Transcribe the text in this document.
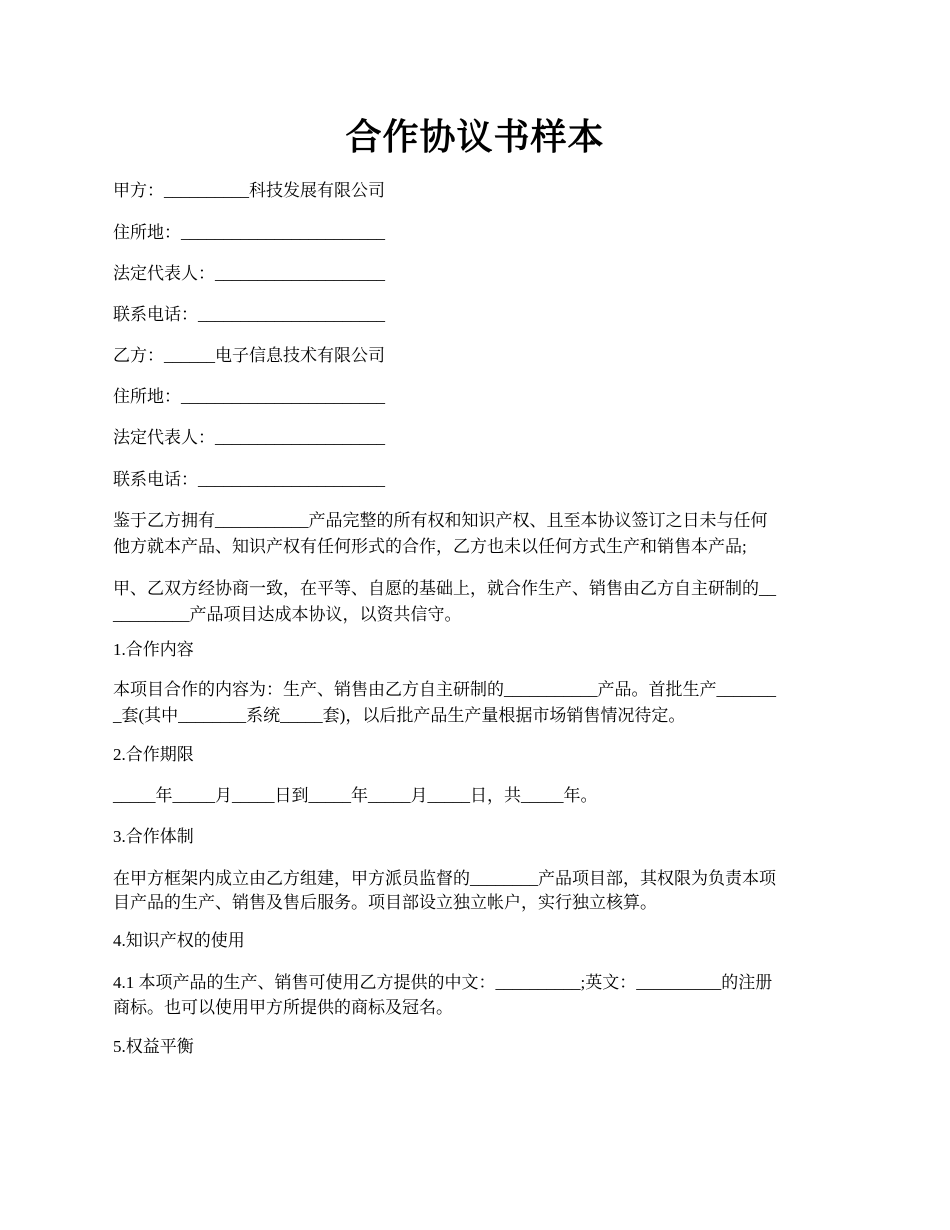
合作协议书样本
甲方：__________科技发展有限公司
住所地：________________________
法定代表人：____________________
联系电话：______________________
乙方：______电子信息技术有限公司
住所地：________________________
法定代表人：____________________
联系电话：______________________
鉴于乙方拥有___________产品完整的所有权和知识产权、且至本协议签订之日未与任何
他方就本产品、知识产权有任何形式的合作，乙方也未以任何方式生产和销售本产品;
甲、乙双方经协商一致，在平等、自愿的基础上，就合作生产、销售由乙方自主研制的__
_________产品项目达成本协议，以资共信守。
1.合作内容
本项目合作的内容为：生产、销售由乙方自主研制的___________产品。首批生产_______
_套(其中________系统_____套)，以后批产品生产量根据市场销售情况待定。
2.合作期限
_____年_____月_____日到_____年_____月_____日，共_____年。
3.合作体制
在甲方框架内成立由乙方组建，甲方派员监督的________产品项目部，其权限为负责本项
目产品的生产、销售及售后服务。项目部设立独立帐户，实行独立核算。
4.知识产权的使用
4.1 本项产品的生产、销售可使用乙方提供的中文：__________;英文：__________的注册
商标。也可以使用甲方所提供的商标及冠名。
5.权益平衡
